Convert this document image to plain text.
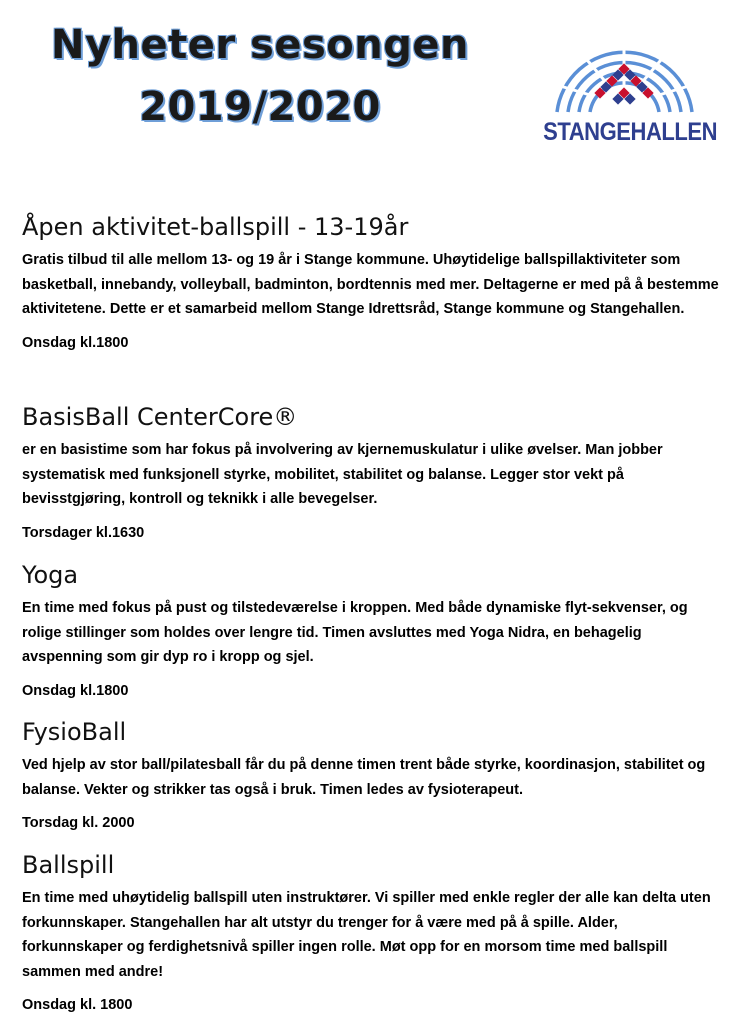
Nyheter sesongen
2019/2020
STANGEHALLEN
Åpen aktivitet-ballspill - 13-19år

Gratis tilbud til alle mellom 13- og 19 år i Stange kommune. Uhøytidelige ballspillaktiviteter som basketball, innebandy, volleyball, badminton, bordtennis med mer. Deltagerne er med på å bestemme aktivitetene. Dette er et samarbeid mellom Stange Idrettsråd, Stange kommune og Stangehallen.

Onsdag kl.1800

BasisBall CenterCore®

er en basistime som har fokus på involvering av kjernemuskulatur i ulike øvelser. Man jobber systematisk med funksjonell styrke, mobilitet, stabilitet og balanse. Legger stor vekt på bevisstgjøring, kontroll og teknikk i alle bevegelser.

Torsdager kl.1630

Yoga

En time med fokus på pust og tilstedeværelse i kroppen. Med både dynamiske flyt-sekvenser, og rolige stillinger som holdes over lengre tid. Timen avsluttes med Yoga Nidra, en behagelig avspenning som gir dyp ro i kropp og sjel.

Onsdag kl.1800

FysioBall

Ved hjelp av stor ball/pilatesball får du på denne timen trent både styrke, koordinasjon, stabilitet og balanse. Vekter og strikker tas også i bruk. Timen ledes av fysioterapeut.

Torsdag kl. 2000

Ballspill

En time med uhøytidelig ballspill uten instruktører. Vi spiller med enkle regler der alle kan delta uten forkunnskaper. Stangehallen har alt utstyr du trenger for å være med på å spille. Alder, forkunnskaper og ferdighetsnivå spiller ingen rolle. Møt opp for en morsom time med ballspill sammen med andre!

Onsdag kl. 1800
